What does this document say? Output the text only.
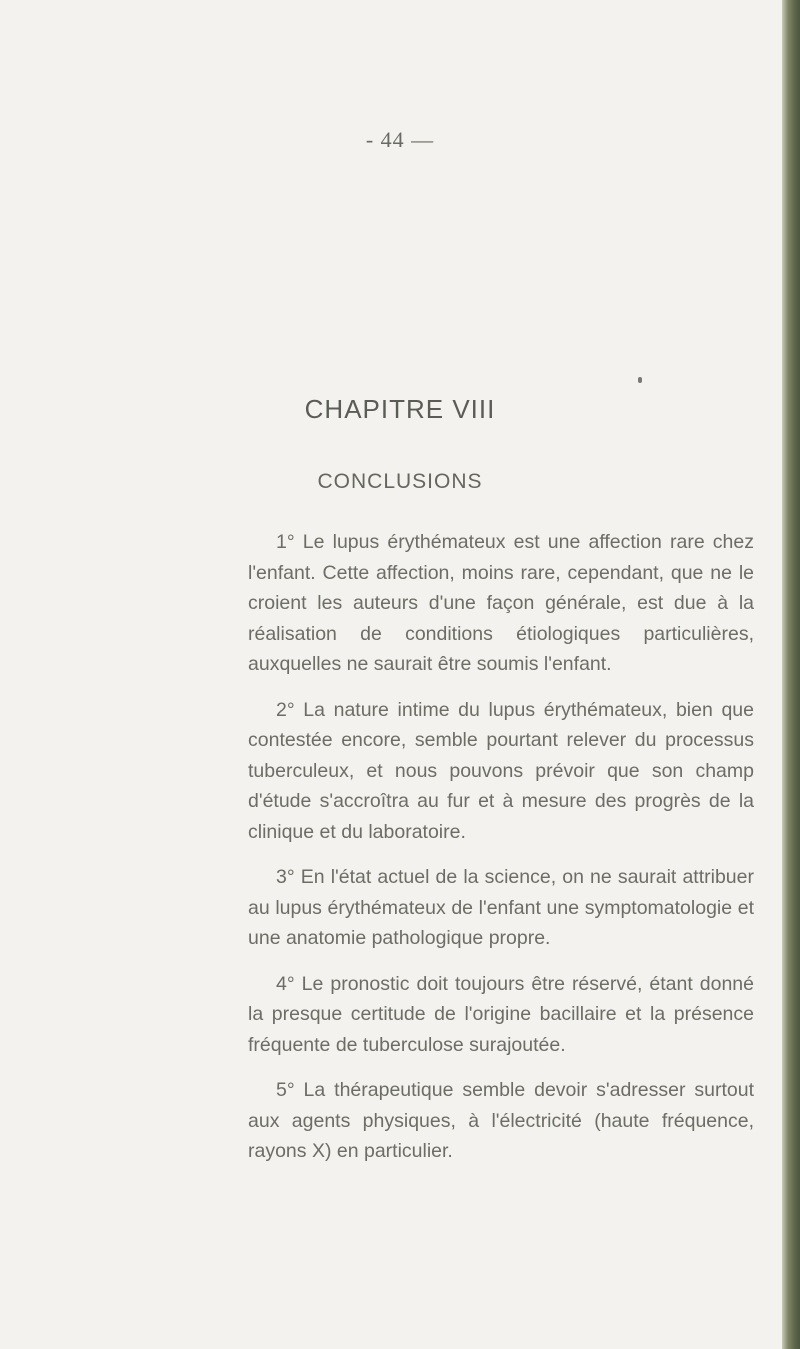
- 44 —
CHAPITRE VIII
CONCLUSIONS

1° Le lupus érythémateux est une affection rare chez l'enfant. Cette affection, moins rare, cependant, que ne le croient les auteurs d'une façon générale, est due à la réalisation de conditions étiologiques particulières, auxquelles ne saurait être soumis l'enfant.

2° La nature intime du lupus érythémateux, bien que contestée encore, semble pourtant relever du processus tuberculeux, et nous pouvons prévoir que son champ d'étude s'accroîtra au fur et à mesure des progrès de la clinique et du laboratoire.

3° En l'état actuel de la science, on ne saurait attribuer au lupus érythémateux de l'enfant une symptomatologie et une anatomie pathologique propre.

4° Le pronostic doit toujours être réservé, étant donné la presque certitude de l'origine bacillaire et la présence fréquente de tuberculose surajoutée.

5° La thérapeutique semble devoir s'adresser surtout aux agents physiques, à l'électricité (haute fréquence, rayons X) en particulier.
